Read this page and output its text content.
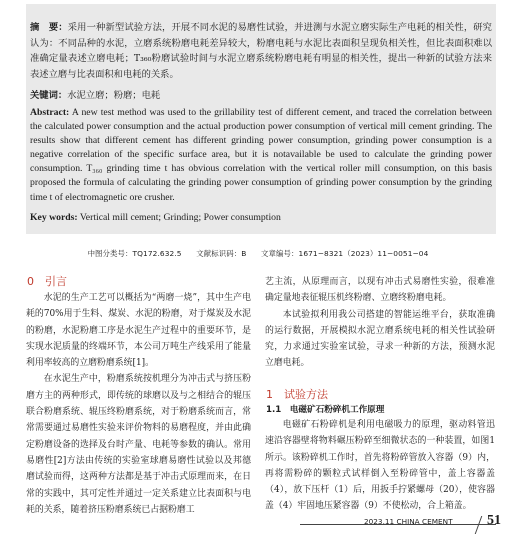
摘　要：采用一种新型试验方法，开展不同水泥的易磨性试验，并进测与水泥立磨实际生产电耗的相关性，研究认为：不同品种的水泥，立磨系统粉磨电耗差异较大，粉磨电耗与水泥比表面积呈现负相关性，但比表面积难以准确定量表述立磨电耗；T₃₆₀粉磨试验时间与水泥立磨系统粉磨电耗有明显的相关性，提出一种新的试验方法来表述立磨与比表面积和电耗的关系。
关键词：水泥立磨；粉磨；电耗
Abstract: A new test method was used to the grillability test of different cement, and traced the correlation between the calculated power consumption and the actual production power consumption of vertical mill cement grinding. The results show that different cement has different grinding power consumption, grinding power consumption is a negative correlation of the specific surface area, but it is notavailable be used to calculate the grinding power consumption. T₃₆₀ grinding time t has obvious correlation with the vertical roller mill consumption, on this basis proposed the formula of calculating the grinding power consumption of grinding power consumption by the grinding time t of electromagnetic ore crusher.
Key words: Vertical mill cement; Grinding; Power consumption
中图分类号：TQ172.632.5      文献标识码：B      文章编号：1671−8321（2023）11−0051−04
0　引言

水泥的生产工艺可以概括为“两磨一烧”，其中生产电耗的70%用于生料、煤炭、水泥的粉磨，对于煤炭及水泥的粉磨，水泥粉磨工序是水泥生产过程中的重要环节，是实现水泥质量的终端环节，本公司万吨生产线采用了能量利用率较高的立磨粉磨系统[1]。

在水泥生产中，粉磨系统按机理分为冲击式与挤压粉磨方主的两种形式，即传统的球磨以及与之相结合的辊压联合粉磨系统、辊压终粉磨系统，对于粉磨系统而言，常常需要通过易磨性实验来评价物料的易磨程度，并由此确定粉磨设备的选择及台时产量、电耗等参数的确认。常用易磨性[2]方法由传统的实验室球磨易磨性试验以及邦德磨试验而得，这两种方法都是基于冲击式原理而来，在日常的实践中，其可定性并通过一定关系建立比表面积与电耗的关系，随着挤压粉磨系统已占据粉磨工

艺主流，从原理而言，以现有冲击式易磨性实验，很难准确定量地表征辊压机终粉磨、立磨终粉磨电耗。

本试验拟利用我公司搭建的智能运维平台，获取准确的运行数据，开展模拟水泥立磨系统电耗的相关性试验研究，力求通过实验室试验，寻求一种新的方法，预测水泥立磨电耗。

1　试验方法
1.1　电磁矿石粉碎机工作原理

电磁矿石粉碎机是利用电磁吸力的原理，驱动料管迅速沿容器壁将物料碾压粉碎至细微状态的一种装置，如图1所示。该粉碎机工作时，首先将粉碎管放入容器（9）内，再将需粉碎的颗粒式试样倒入至粉碎管中，盖上容器盖（4），放下压杆（1）后，用扳手拧紧螺母（20），使容器盖（4）牢固地压紧容器（9）不使松动，合上箱盖。

2023.11 CHINA CEMENT 51
